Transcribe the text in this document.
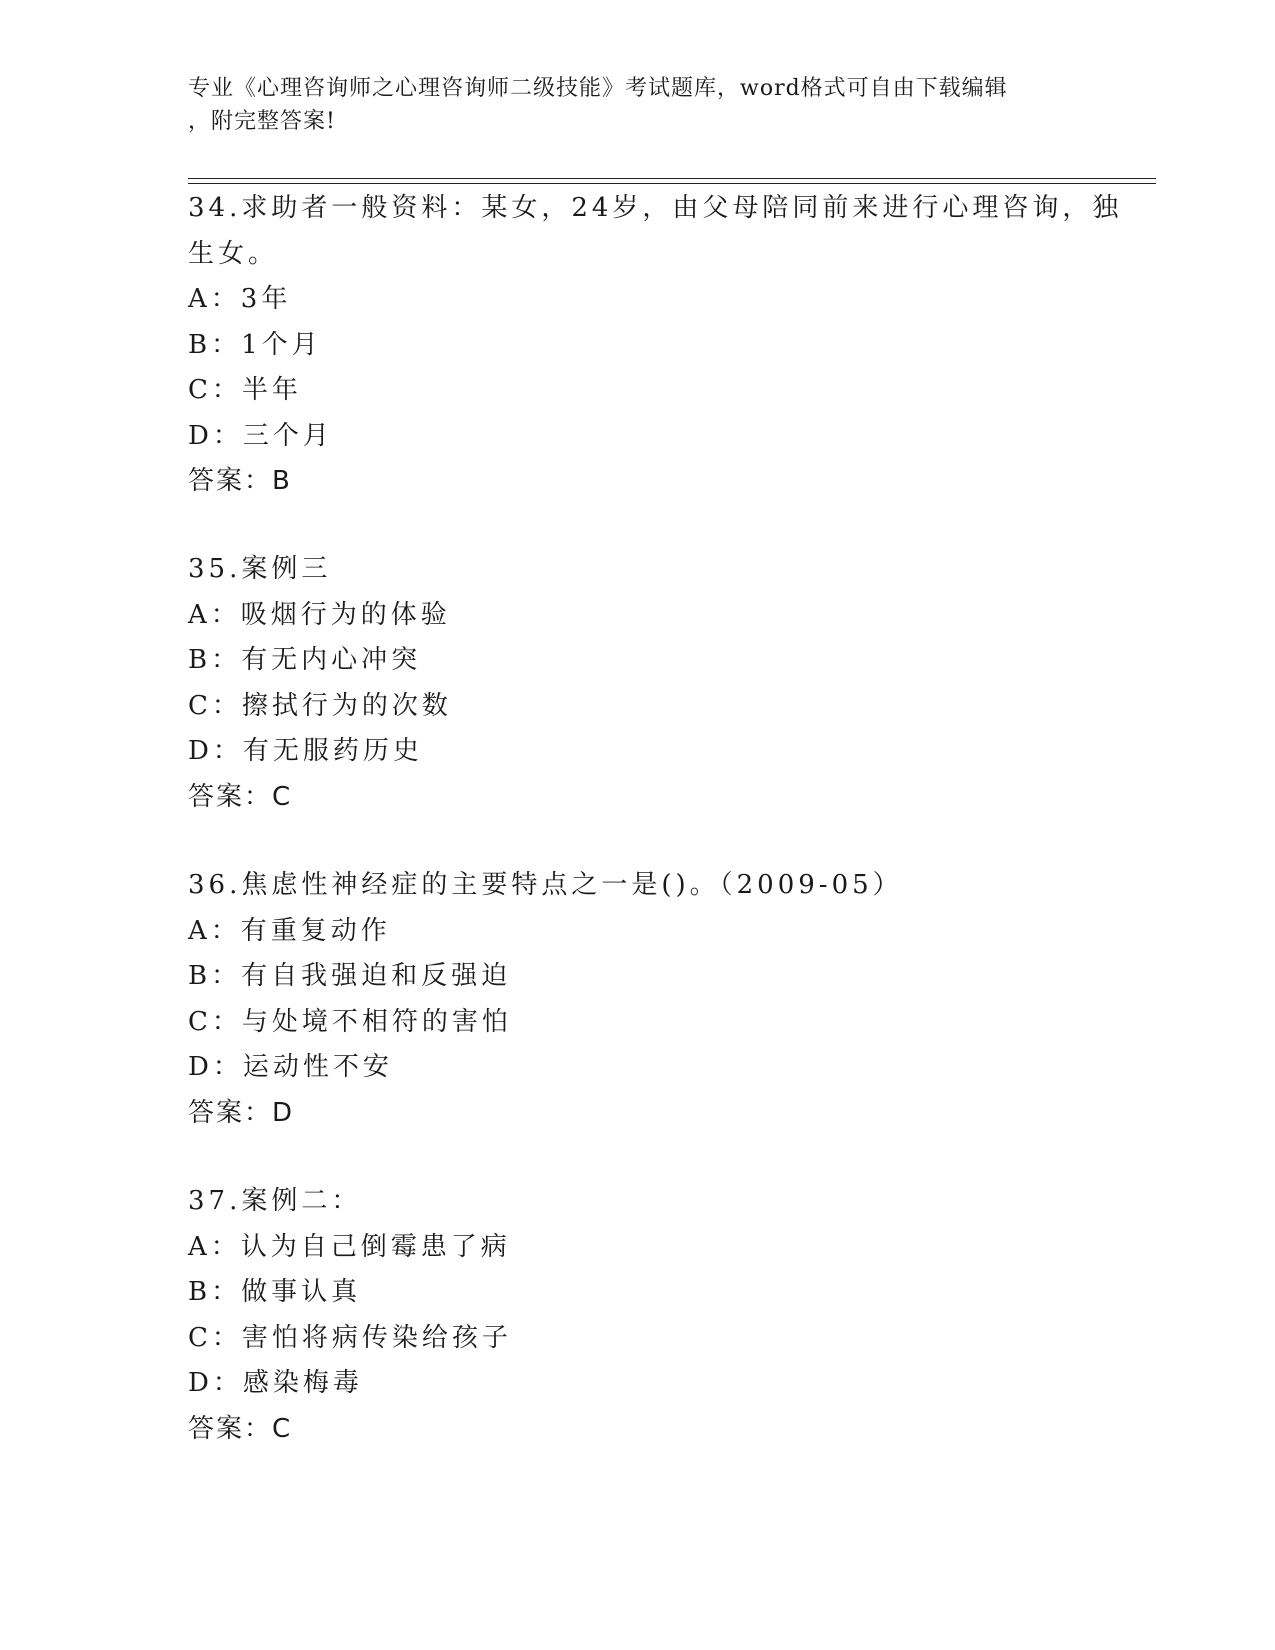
专业《心理咨询师之心理咨询师二级技能》考试题库，word格式可自由下载编辑
，附完整答案!
34.求助者一般资料：某女，24岁，由父母陪同前来进行心理咨询，独
生女。
A：3年
B：1个月
C：半年
D：三个月
答案：B
35.案例三
A：吸烟行为的体验
B：有无内心冲突
C：擦拭行为的次数
D：有无服药历史
答案：C
36.焦虑性神经症的主要特点之一是()。（2009-05）
A：有重复动作
B：有自我强迫和反强迫
C：与处境不相符的害怕
D：运动性不安
答案：D
37.案例二：
A：认为自己倒霉患了病
B：做事认真
C：害怕将病传染给孩子
D：感染梅毒
答案：C
